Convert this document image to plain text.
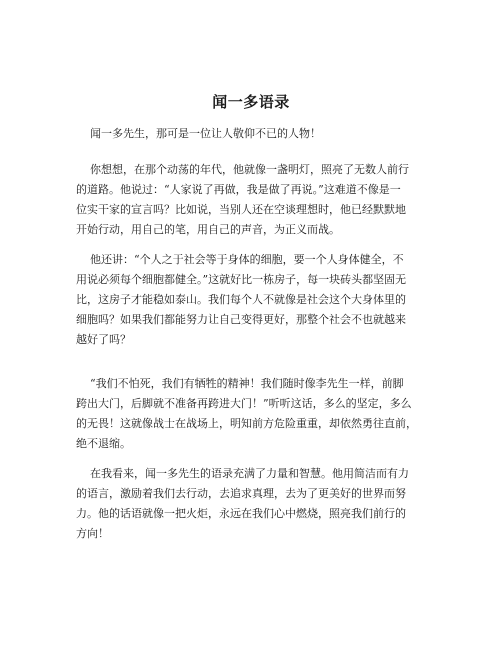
闻一多语录
闻一多先生，那可是一位让人敬仰不已的人物！
你想想，在那个动荡的年代，他就像一盏明灯，照亮了无数人前行
的道路。他说过：“人家说了再做，我是做了再说。”这难道不像是一
位实干家的宣言吗？比如说，当别人还在空谈理想时，他已经默默地
开始行动，用自己的笔，用自己的声音，为正义而战。
他还讲：“个人之于社会等于身体的细胞，要一个人身体健全，不
用说必须每个细胞都健全。”这就好比一栋房子，每一块砖头都坚固无
比，这房子才能稳如泰山。我们每个人不就像是社会这个大身体里的
细胞吗？如果我们都能努力让自己变得更好，那整个社会不也就越来
越好了吗？
“我们不怕死，我们有牺牲的精神！我们随时像李先生一样，前脚
跨出大门，后脚就不准备再跨进大门！”听听这话，多么的坚定，多么
的无畏！这就像战士在战场上，明知前方危险重重，却依然勇往直前，
绝不退缩。
在我看来，闻一多先生的语录充满了力量和智慧。他用简洁而有力
的语言，激励着我们去行动，去追求真理，去为了更美好的世界而努
力。他的话语就像一把火炬，永远在我们心中燃烧，照亮我们前行的
方向！
